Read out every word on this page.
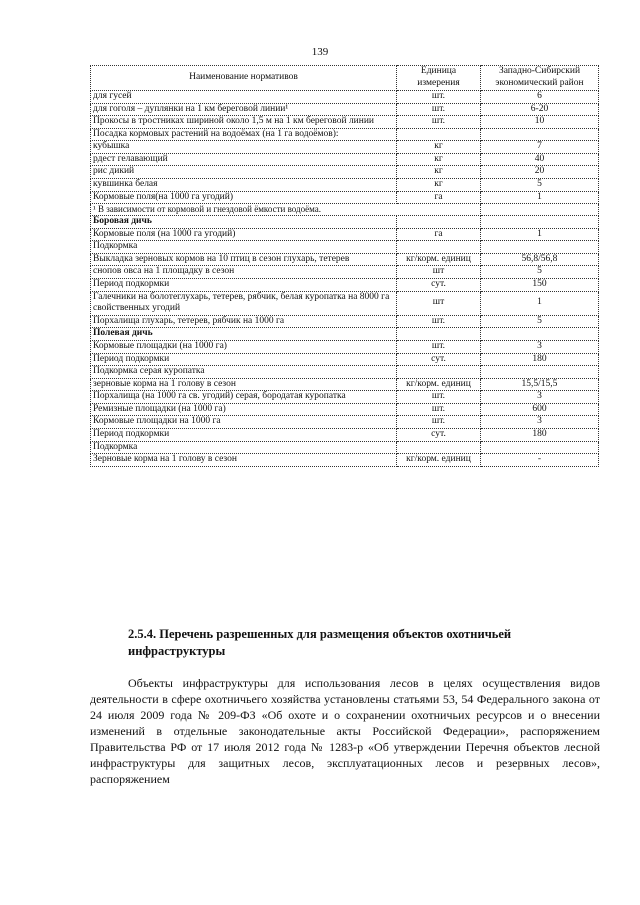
139
Наименование нормативов	Единица измерения	Западно-Сибирский экономический район
для гусей	шт.	6
для гоголя – дуплянки на 1 км береговой линии¹	шт.	6-20
Прокосы в тростниках шириной около 1,5 м на 1 км береговой линии	шт.	10
Посадка кормовых растений на водоёмах (на 1 га водоёмов):		
кубышка	кг	7
рдест гелавающий	кг	40
рис дикий	кг	20
кувшинка белая	кг	5
Кормовые поля(на 1000 га угодий)	га	1
¹ В зависимости от кормовой и гнездовой ёмкости водоёма.		
Боровая дичь		
Кормовые поля (на 1000 га угодий)	га	1
Подкормка		
Выкладка зерновых кормов на 10 птиц в сезон глухарь, тетерев	кг/корм. единиц	56,8/56,8
снопов овса на 1 площадку в сезон	шт	5
Период подкормки	сут.	150
Галечники на болотеглухарь, тетерев, рябчик, белая куропатка на 8000 га свойственных угодий	шт	1
Порхалища глухарь, тетерев, рябчик на 1000 га	шт.	5
Полевая дичь		
Кормовые площадки (на 1000 га)	шт.	3
Период подкормки	сут.	180
Подкормка серая куропатка		
зерновые корма на 1 голову в сезон	кг/корм. единиц	15,5/15,5
Порхалища (на 1000 га св. угодий) серая, бородатая куропатка	шт.	3
Ремизные площадки (на 1000 га)	шт.	600
Кормовые площадки на 1000 га	шт.	3
Период подкормки	сут.	180
Подкормка		
Зерновые корма на 1 голову в сезон	кг/корм. единиц	-
2.5.4. Перечень разрешенных для размещения объектов охотничьей инфраструктуры

Объекты инфраструктуры для использования лесов в целях осуществления видов деятельности в сфере охотничьего хозяйства установлены статьями 53, 54 Федерального закона от 24 июля 2009 года № 209-ФЗ «Об охоте и о сохранении охотничьих ресурсов и о внесении изменений в отдельные законодательные акты Российской Федерации», распоряжением Правительства РФ от 17 июля 2012 года № 1283-р «Об утверждении Перечня объектов лесной инфраструктуры для защитных лесов, эксплуатационных лесов и резервных лесов», распоряжением
